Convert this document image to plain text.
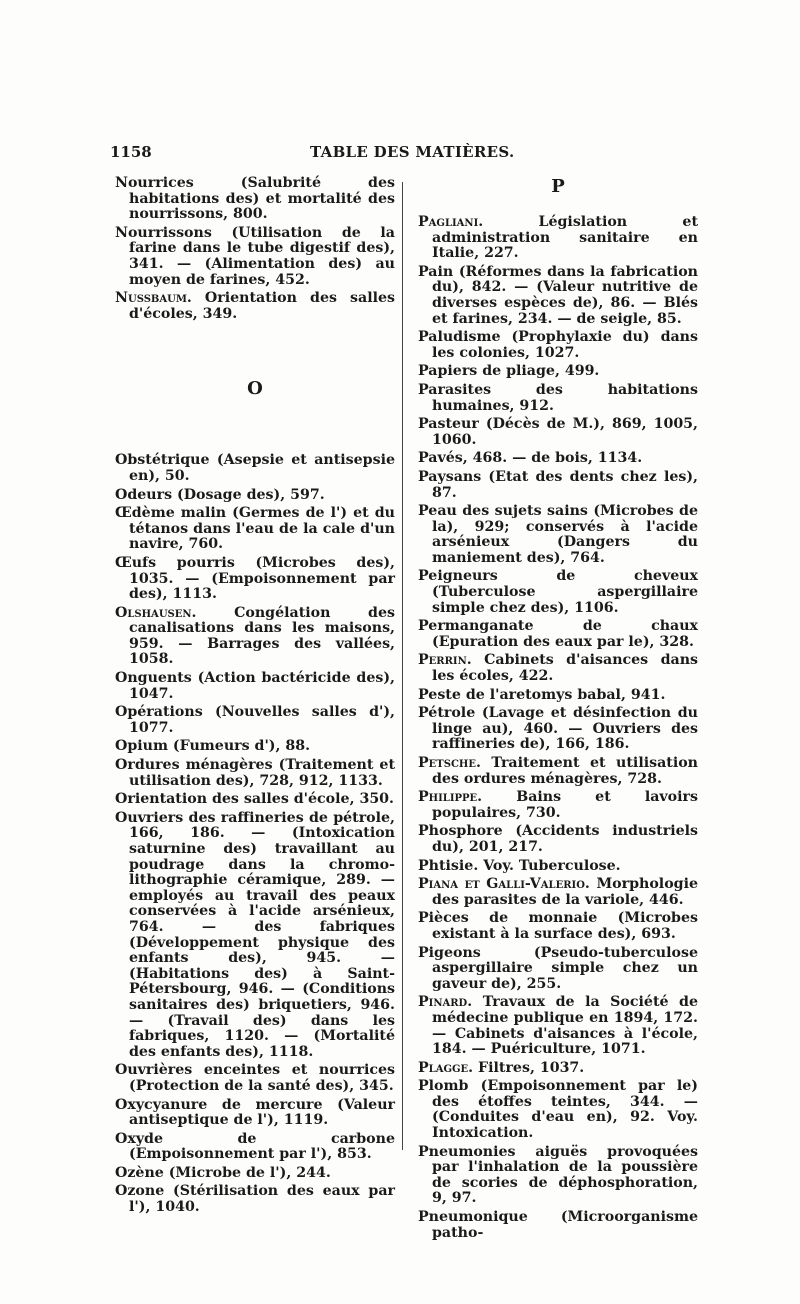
1158	TABLE DES MATIÈRES.
Nourrices (Salubrité des habitations des) et mortalité des nourrissons, 800.
Nourrissons (Utilisation de la farine dans le tube digestif des), 341. — (Alimentation des) au moyen de farines, 452.
Nussbaum. Orientation des salles d'écoles, 349.
O
Obstétrique (Asepsie et antisepsie en), 50.
Odeurs (Dosage des), 597.
Œdème malin (Germes de l') et du tétanos dans l'eau de la cale d'un navire, 760.
Œufs pourris (Microbes des), 1035. — (Empoisonnement par des), 1113.
Olshausen. Congélation des canalisations dans les maisons, 959. — Barrages des vallées, 1058.
Onguents (Action bactéricide des), 1047.
Opérations (Nouvelles salles d'), 1077.
Opium (Fumeurs d'), 88.
Ordures ménagères (Traitement et utilisation des), 728, 912, 1133.
Orientation des salles d'école, 350.
Ouvriers des raffineries de pétrole, 166, 186. — (Intoxication saturnine des) travaillant au poudrage dans la chromo-lithographie céramique, 289. — employés au travail des peaux conservées à l'acide arsénieux, 764. — des fabriques (Développement physique des enfants des), 945. — (Habitations des) à Saint-Pétersbourg, 946. — (Conditions sanitaires des) briquetiers, 946. — (Travail des) dans les fabriques, 1120. — (Mortalité des enfants des), 1118.
Ouvrières enceintes et nourrices (Protection de la santé des), 345.
Oxycyanure de mercure (Valeur antiseptique de l'), 1119.
Oxyde de carbone (Empoisonnement par l'), 853.
Ozène (Microbe de l'), 244.
Ozone (Stérilisation des eaux par l'), 1040.
P
Pagliani. Législation et administration sanitaire en Italie, 227.
Pain (Réformes dans la fabrication du), 842. — (Valeur nutritive de diverses espèces de), 86. — Blés et farines, 234. — de seigle, 85.
Paludisme (Prophylaxie du) dans les colonies, 1027.
Papiers de pliage, 499.
Parasites des habitations humaines, 912.
Pasteur (Décès de M.), 869, 1005, 1060.
Pavés, 468. — de bois, 1134.
Paysans (Etat des dents chez les), 87.
Peau des sujets sains (Microbes de la), 929; conservés à l'acide arsénieux (Dangers du maniement des), 764.
Peigneurs de cheveux (Tuberculose aspergillaire simple chez des), 1106.
Permanganate de chaux (Epuration des eaux par le), 328.
Perrin. Cabinets d'aisances dans les écoles, 422.
Peste de l'aretomys babal, 941.
Pétrole (Lavage et désinfection du linge au), 460. — Ouvriers des raffineries de), 166, 186.
Petsche. Traitement et utilisation des ordures ménagères, 728.
Philippe. Bains et lavoirs populaires, 730.
Phosphore (Accidents industriels du), 201, 217.
Phtisie. Voy. Tuberculose.
Piana et Galli-Valerio. Morphologie des parasites de la variole, 446.
Pièces de monnaie (Microbes existant à la surface des), 693.
Pigeons (Pseudo-tuberculose aspergillaire simple chez un gaveur de), 255.
Pinard. Travaux de la Société de médecine publique en 1894, 172. — Cabinets d'aisances à l'école, 184. — Puériculture, 1071.
Plagge. Filtres, 1037.
Plomb (Empoisonnement par le) des étoffes teintes, 344. — (Conduites d'eau en), 92. Voy. Intoxication.
Pneumonies aiguës provoquées par l'inhalation de la poussière de scories de déphosphoration, 9, 97.
Pneumonique (Microorganisme patho-
